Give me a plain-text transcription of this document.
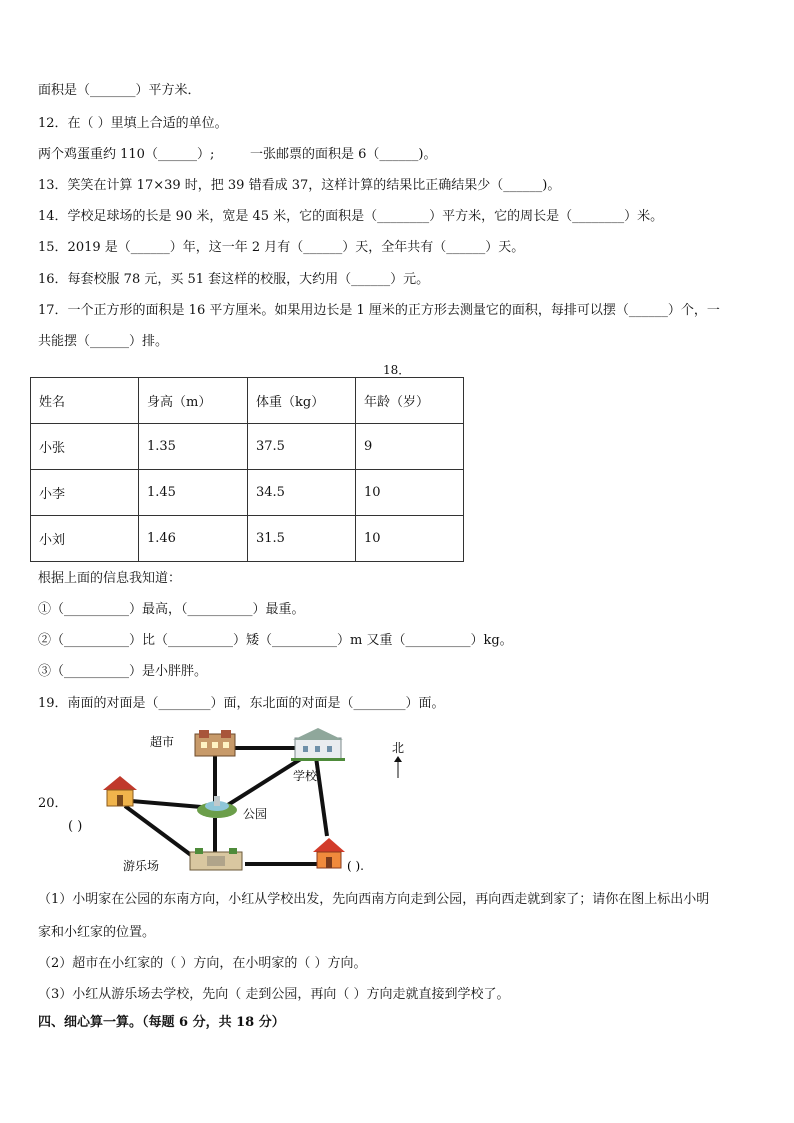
面积是（_______）平方米．
12．在（ ）里填上合适的单位。
两个鸡蛋重约 110（______）;	一张邮票的面积是 6（______)。
13．笑笑在计算 17×39 时，把 39 错看成 37，这样计算的结果比正确结果少（______)。
14．学校足球场的长是 90 米，宽是 45 米，它的面积是（________）平方米，它的周长是（________）米。
15．2019 是（______）年，这一年 2 月有（______）天，全年共有（______）天。
16．每套校服 78 元，买 51 套这样的校服，大约用（______）元。
17．一个正方形的面积是 16 平方厘米。如果用边长是 1 厘米的正方形去测量它的面积，每排可以摆（______）个，一
共能摆（______）排。
18．
姓名	身高（m）	体重（kg）	年龄（岁）
小张	1.35	37.5	9
小李	1.45	34.5	10
小刘	1.46	31.5	10
根据上面的信息我知道：
①（__________）最高，（__________）最重。
②（__________）比（__________）矮（__________）m 又重（__________）kg。
③（__________）是小胖胖。
19．南面的对面是（________）面，东北面的对面是（________）面。
20．
( )
超市
学校
北
公园
游乐场	( ).
（1）小明家在公园的东南方向，小红从学校出发，先向西南方向走到公园，再向西走就到家了；请你在图上标出小明
家和小红家的位置。
（2）超市在小红家的（ ）方向，在小明家的（ ）方向。
（3）小红从游乐场去学校，先向（ 走到公园，再向（ ）方向走就直接到学校了。
四、细心算一算。（每题 6 分，共 18 分）
